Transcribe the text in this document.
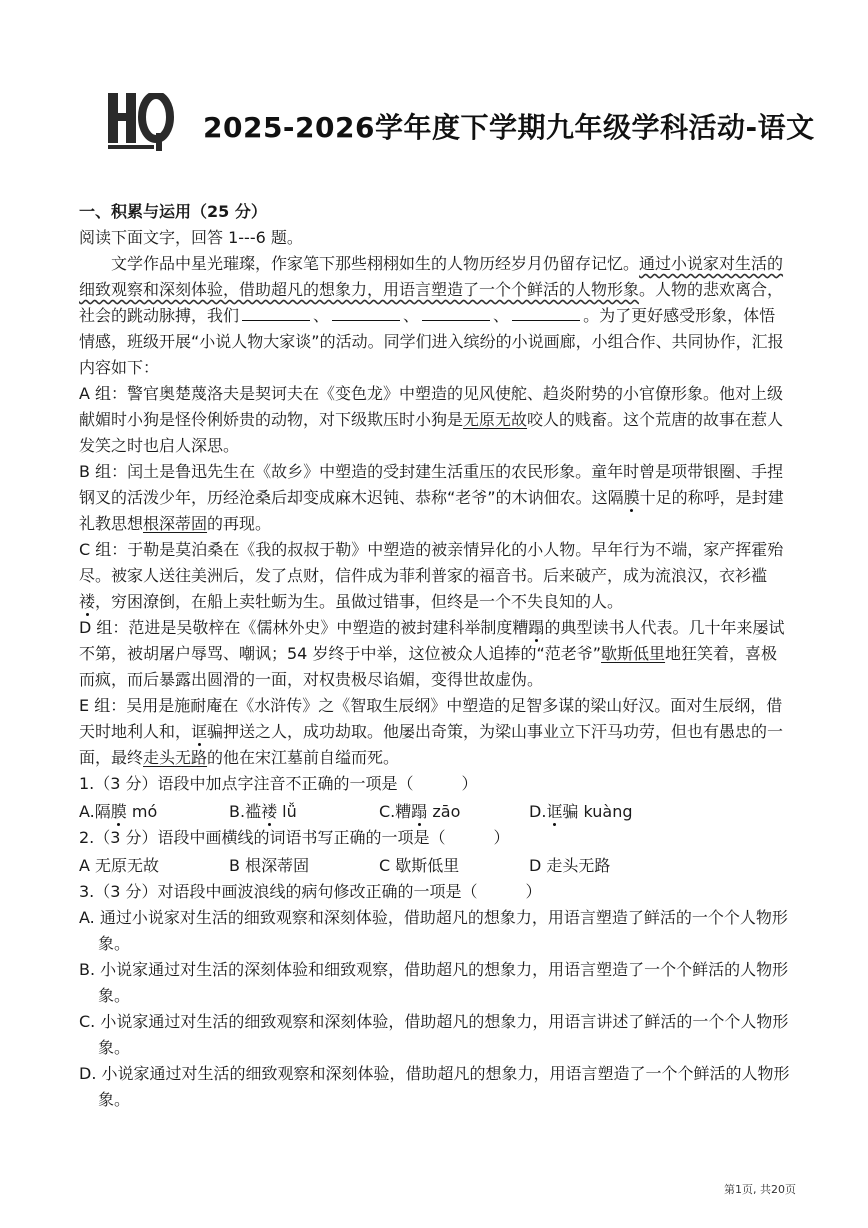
2025-2026学年度下学期九年级学科活动-语文

一、积累与运用（25 分）

阅读下面文字，回答 1---6 题。

文学作品中星光璀璨，作家笔下那些栩栩如生的人物历经岁月仍留存记忆。通过小说家对生活的细致观察和深刻体验，借助超凡的想象力，用语言塑造了一个个鲜活的人物形象。人物的悲欢离合，社会的跳动脉搏，我们	、	、	、	。为了更好感受形象，体悟情感，班级开展“小说人物大家谈”的活动。同学们进入缤纷的小说画廊，小组合作、共同协作，汇报内容如下：

A 组：警官奥楚蔑洛夫是契诃夫在《变色龙》中塑造的见风使舵、趋炎附势的小官僚形象。他对上级献媚时小狗是怪伶俐娇贵的动物，对下级欺压时小狗是无原无故咬人的贱畜。这个荒唐的故事在惹人发笑之时也启人深思。

B 组：闰土是鲁迅先生在《故乡》中塑造的受封建生活重压的农民形象。童年时曾是项带银圈、手捏钢叉的活泼少年，历经沧桑后却变成麻木迟钝、恭称“老爷”的木讷佃农。这隔膜十足的称呼，是封建礼教思想根深蒂固的再现。

C 组：于勒是莫泊桑在《我的叔叔于勒》中塑造的被亲情异化的小人物。早年行为不端，家产挥霍殆尽。被家人送往美洲后，发了点财，信件成为菲利普家的福音书。后来破产，成为流浪汉，衣衫褴褛，穷困潦倒，在船上卖牡蛎为生。虽做过错事，但终是一个不失良知的人。

D 组：范进是吴敬梓在《儒林外史》中塑造的被封建科举制度糟蹋的典型读书人代表。几十年来屡试不第，被胡屠户辱骂、嘲讽；54 岁终于中举，这位被众人追捧的“范老爷”歇斯低里地狂笑着，喜极而疯，而后暴露出圆滑的一面，对权贵极尽谄媚，变得世故虚伪。

E 组：吴用是施耐庵在《水浒传》之《智取生辰纲》中塑造的足智多谋的梁山好汉。面对生辰纲，借天时地利人和，诓骗押送之人，成功劫取。他屡出奇策，为梁山事业立下汗马功劳，但也有愚忠的一面，最终走头无路的他在宋江墓前自缢而死。

1.（3 分）语段中加点字注音不正确的一项是（　　　）

A.隔膜 mó	B.褴褛 lǚ	C.糟蹋 zāo	D.诓骗 kuàng

2.（3 分）语段中画横线的词语书写正确的一项是（　　　）

A 无原无故	B 根深蒂固	C 歇斯低里	D 走头无路

3.（3 分）对语段中画波浪线的病句修改正确的一项是（　　　）

A. 通过小说家对生活的细致观察和深刻体验，借助超凡的想象力，用语言塑造了鲜活的一个个人物形象。

B. 小说家通过对生活的深刻体验和细致观察，借助超凡的想象力，用语言塑造了一个个鲜活的人物形象。

C. 小说家通过对生活的细致观察和深刻体验，借助超凡的想象力，用语言讲述了鲜活的一个个人物形象。

D. 小说家通过对生活的细致观察和深刻体验，借助超凡的想象力，用语言塑造了一个个鲜活的人物形象。

第1页, 共20页
